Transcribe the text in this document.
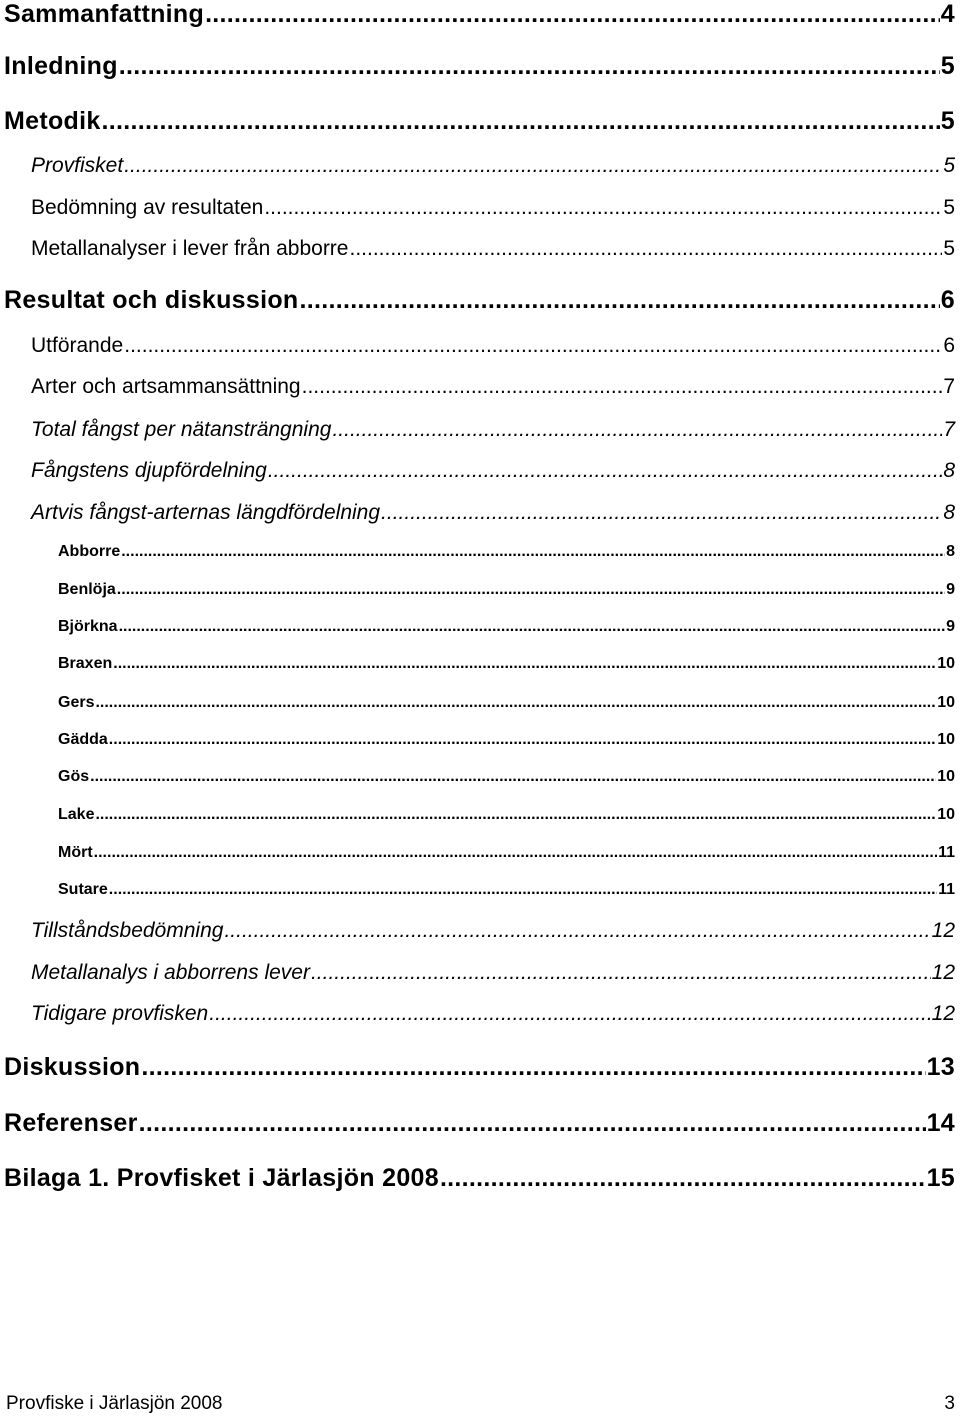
Sammanfattning .....	4
Inledning .....	5
Metodik .....	5
Provfisket .....	5
Bedömning av resultaten .....	5
Metallanalyser i lever från abborre .....	5
Resultat och diskussion .....	6
Utförande .....	6
Arter och artsammansättning .....	7
Total fångst per nätansträngning .....	7
Fångstens djupfördelning .....	8
Artvis fångst-arternas längdfördelning .....	8
Abborre .....	8
Benlöja .....	9
Björkna .....	9
Braxen .....	10
Gers .....	10
Gädda .....	10
Gös .....	10
Lake .....	10
Mört .....	11
Sutare .....	11
Tillståndsbedömning .....	12
Metallanalys i abborrens lever .....	12
Tidigare provfisken .....	12
Diskussion .....	13
Referenser .....	14
Bilaga 1. Provfisket i Järlasjön 2008 .....	15
Provfiske i Järlasjön 2008	3
